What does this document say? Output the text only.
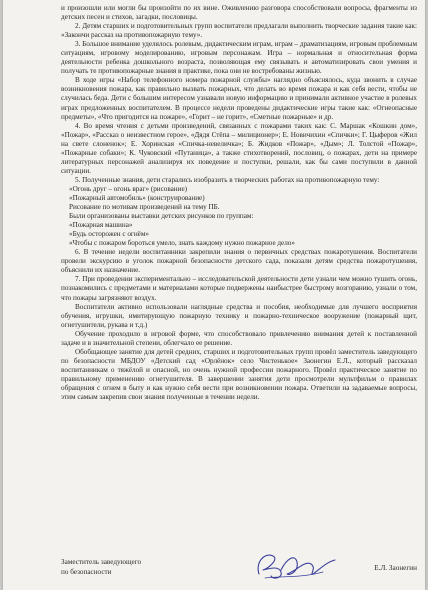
и произошли или могли бы произойти по их вине. Оживлению разговора способствовали вопросы, фрагменты из детских песен и стихов, загадки, пословицы.

2. Детям старших и подготовительных групп воспитатели предлагали выполнить творческие задания такие как: «Закончи рассказ на противопожарную тему».

3. Большое внимание уделялось ролевым, дидактическим играм, играм – драматизациям, игровым проблемным ситуациям, игровому моделированию, игровым персонажам. Игра – нормальная и относительная форма деятельности ребенка дошкольного возраста, позволяющая ему связывать и автоматизировать свои умения и получать те противопожарные знания в практике, пока они не востребованы жизнью.

В ходе игры «Набор телефонного номера пожарной службы» наглядно объяснялось, куда звонить в случае возникновения пожара, как правильно вызвать пожарных, что делать во время пожара и как себя вести, чтобы не случилась беда. Дети с большим интересом узнавали новую информацию и принимали активное участие в ролевых играх предложенных воспитателем. В процессе недели проведены дидактические игры такие как: «Огнеопасные предметы», «Что пригодится на пожаре», «Горит – не горит», «Сметные пожарные» и др.

4. Во время чтения с детьми произведений, связанных с пожарами таких как: С. Маршак «Кошкин дом», «Пожар», «Рассказ о неизвестном герое», «Дядя Стёпа – милиционер»; Е. Новичихин «Спички»; Г. Цыферов «Жил на свете слоненок»; Е. Хоринская «Спичка-невеличка»; Б. Жидков «Пожар», «Дым»; Л. Толстой «Пожар», «Пожарные собаки»; К. Чуковский «Путаница», а также стихотворений, пословиц, о пожарах, дети на примере литературных персонажей анализируя их поведение и поступки, решали, как бы сами поступили в данной ситуации.

5. Полученные знания, дети старались изобразить в творческих работах на противопожарную тему:

«Огонь друг – огонь враг» (рисование)

«Пожарный автомобиль» (конструирование)

Рисование по мотивам произведений на тему ПБ.

Были организованы выставки детских рисунков по группам:

«Пожарная машина»

«Будь осторожен с огнём»

«Чтобы с пожаром бороться умело, знать каждому нужно пожарное дело»

6. В течение недели воспитанники закрепили знания о первичных средствах пожаротушения. Воспитатели провели экскурсию в уголок пожарной безопасности детского сада, показали детям средства пожаротушения, объяснили их назначение.

7. При проведении экспериментально – исследовательской деятельности дети узнали чем можно тушить огонь, познакомились с предметами и материалами которые подвержены наибыстрее быстрому возгоранию, узнали о том, что пожары загрязняют воздух.

Воспитатели активно использовали наглядные средства и пособия, необходимые для лучшего восприятия обучения, игрушки, имитирующую пожарную технику и пожарно-техническое вооружение (пожарный щит, огнетушители, рукава и т.д.)

Обучение проходило в игровой форме, что способствовало привлечению внимания детей к поставленной задаче и в значительной степени, облегчало ее решение.

Обобщающее занятие для детей средних, старших и подготовительных групп провёл заместитель заведующего по безопасности МБДОУ «Детский сад «Орлёнок» село Чистенькое» Заонегин Е.Л., который рассказал воспитанникам о тяжёлой и опасной, но очень нужной профессии пожарного. Провёл практическое занятие по правильному применению огнетушителя. В завершении занятия дети просмотрели мультфильм о правилах обращения с огнем в быту и как нужно себя вести при возникновении пожара. Ответили на задаваемые вопросы, этим самым закрепив свои знания полученные в течении недели.

Заместитель заведующего
по безопасности	Е.Л. Заонегин
